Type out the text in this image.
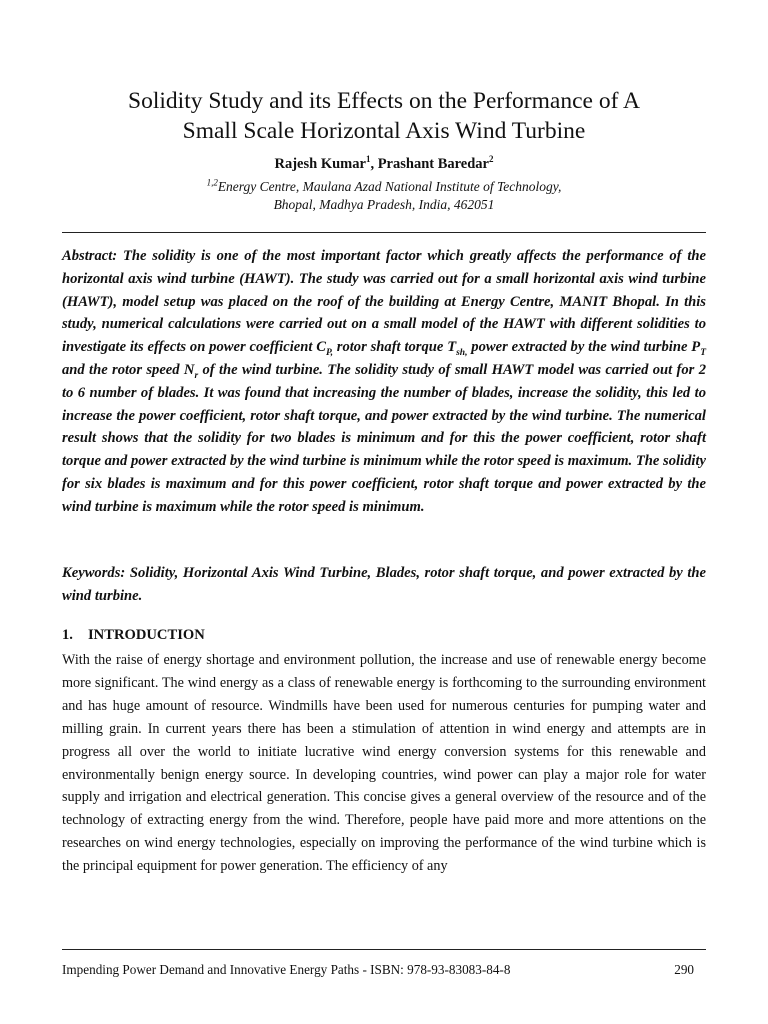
Solidity Study and its Effects on the Performance of A
Small Scale Horizontal Axis Wind Turbine
Rajesh Kumar$^1$, Prashant Baredar$^2$
$^{1,2}$Energy Centre, Maulana Azad National Institute of Technology,
Bhopal, Madhya Pradesh, India, 462051

Abstract: The solidity is one of the most important factor which greatly affects the performance of the horizontal axis wind turbine (HAWT). The study was carried out for a small horizontal axis wind turbine (HAWT), model setup was placed on the roof of the building at Energy Centre, MANIT Bhopal. In this study, numerical calculations were carried out on a small model of the HAWT with different solidities to investigate its effects on power coefficient $C_{P,}$ rotor shaft torque $T_{sh,}$ power extracted by the wind turbine $P_T$ and the rotor speed $N_r$ of the wind turbine. The solidity study of small HAWT model was carried out for 2 to 6 number of blades. It was found that increasing the number of blades, increase the solidity, this led to increase the power coefficient, rotor shaft torque, and power extracted by the wind turbine. The numerical result shows that the solidity for two blades is minimum and for this the power coefficient, rotor shaft torque and power extracted by the wind turbine is minimum while the rotor speed is maximum. The solidity for six blades is maximum and for this power coefficient, rotor shaft torque and power extracted by the wind turbine is maximum while the rotor speed is minimum.

Keywords: Solidity, Horizontal Axis Wind Turbine, Blades, rotor shaft torque, and power extracted by the wind turbine.

1. INTRODUCTION

With the raise of energy shortage and environment pollution, the increase and use of renewable energy become more significant. The wind energy as a class of renewable energy is forthcoming to the surrounding environment and has huge amount of resource. Windmills have been used for numerous centuries for pumping water and milling grain. In current years there has been a stimulation of attention in wind energy and attempts are in progress all over the world to initiate lucrative wind energy conversion systems for this renewable and environmentally benign energy source. In developing countries, wind power can play a major role for water supply and irrigation and electrical generation. This concise gives a general overview of the resource and of the technology of extracting energy from the wind. Therefore, people have paid more and more attentions on the researches on wind energy technologies, especially on improving the performance of the wind turbine which is the principal equipment for power generation. The efficiency of any

Impending Power Demand and Innovative Energy Paths - ISBN: 978-93-83083-84-8	290
